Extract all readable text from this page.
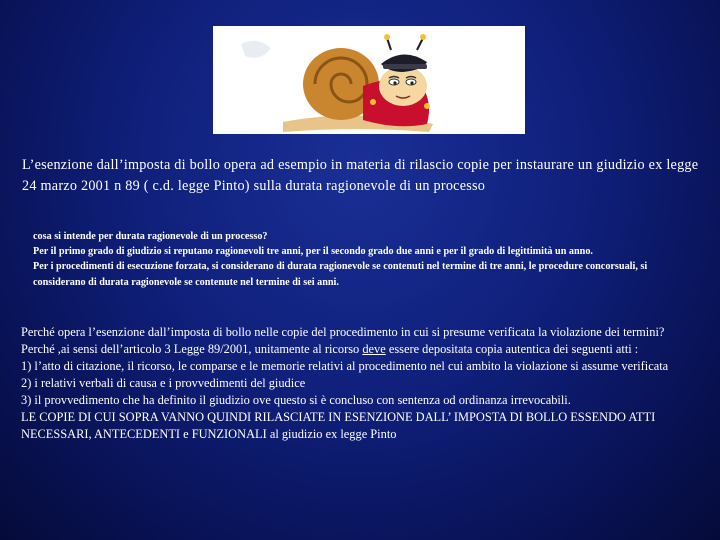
L’esenzione dall’imposta di bollo opera ad esempio in materia di rilascio copie per instaurare un giudizio ex legge 24 marzo 2001 n 89 ( c.d. legge Pinto) sulla durata ragionevole di un processo

cosa si intende per durata ragionevole di un processo?
Per il primo grado di giudizio si reputano ragionevoli tre anni, per il secondo grado due anni e per il grado di legittimità un anno.
Per i procedimenti di esecuzione forzata, si considerano di durata ragionevole se contenuti nel termine di tre anni, le procedure concorsuali, si considerano di durata ragionevole se contenute nel termine di sei anni.

Perché opera l’esenzione dall’imposta di bollo nelle copie del procedimento in cui si presume verificata la violazione dei termini?
Perché ,ai sensi dell’articolo 3 Legge 89/2001, unitamente al ricorso deve essere depositata copia autentica dei seguenti atti :
1) l’atto di citazione, il ricorso, le comparse e le memorie relativi al procedimento nel cui ambito la violazione si assume verificata
2) i relativi verbali di causa e i provvedimenti del giudice
3) il provvedimento che ha definito il giudizio ove questo si è concluso con sentenza od ordinanza irrevocabili.
LE COPIE DI CUI SOPRA VANNO QUINDI RILASCIATE IN ESENZIONE DALL’ IMPOSTA DI BOLLO ESSENDO ATTI NECESSARI, ANTECEDENTI e FUNZIONALI al giudizio ex legge Pinto
